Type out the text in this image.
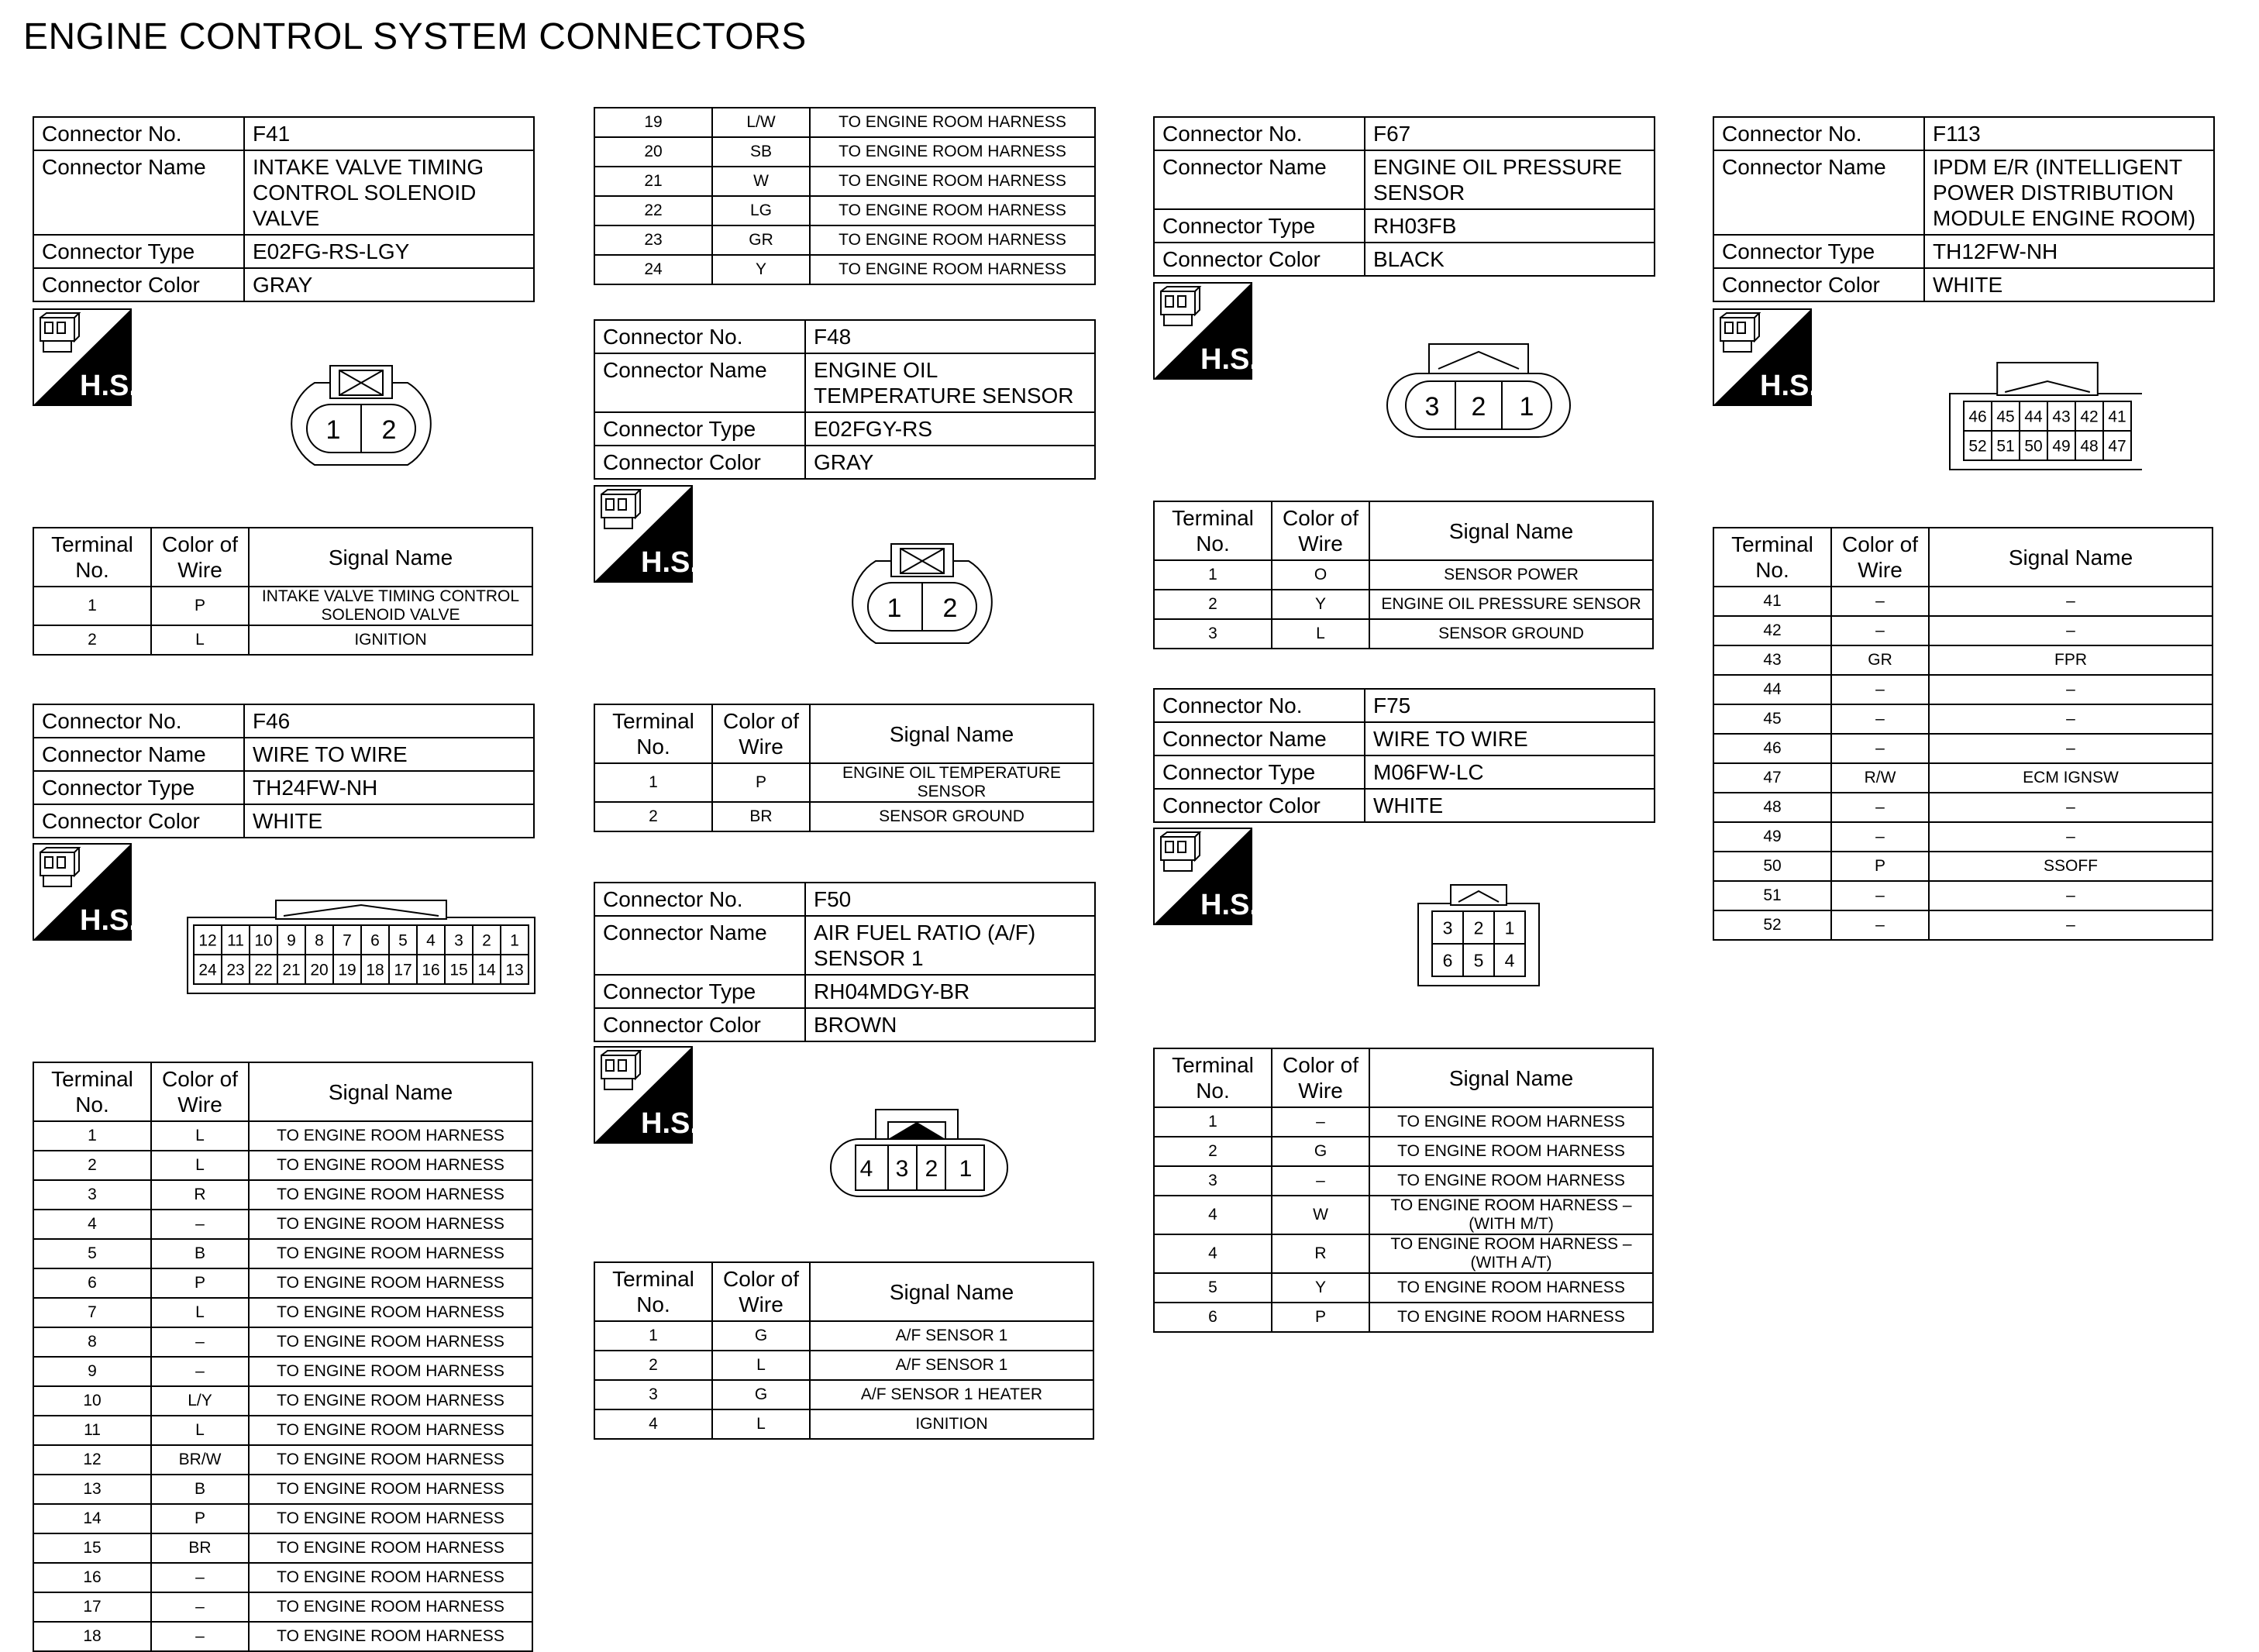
ENGINE CONTROL SYSTEM CONNECTORS
Connector No.	F41
Connector Name	INTAKE VALVE TIMING
CONTROL SOLENOID
VALVE
Connector Type	E02FG-RS-LGY
Connector Color	GRAY
H.S.
1 2
Terminal
No.	Color of
Wire	Signal Name
1	P	INTAKE VALVE TIMING CONTROL
SOLENOID VALVE
2	L	IGNITION
Connector No.	F46
Connector Name	WIRE TO WIRE
Connector Type	TH24FW-NH
Connector Color	WHITE
H.S.
12 11 10 9 8 7 6 5 4 3 2 1
24 23 22 21 20 19 18 17 16 15 14 13
Terminal
No.	Color of
Wire	Signal Name
1	L	TO ENGINE ROOM HARNESS
2	L	TO ENGINE ROOM HARNESS
3	R	TO ENGINE ROOM HARNESS
4	–	TO ENGINE ROOM HARNESS
5	B	TO ENGINE ROOM HARNESS
6	P	TO ENGINE ROOM HARNESS
7	L	TO ENGINE ROOM HARNESS
8	–	TO ENGINE ROOM HARNESS
9	–	TO ENGINE ROOM HARNESS
10	L/Y	TO ENGINE ROOM HARNESS
11	L	TO ENGINE ROOM HARNESS
12	BR/W	TO ENGINE ROOM HARNESS
13	B	TO ENGINE ROOM HARNESS
14	P	TO ENGINE ROOM HARNESS
15	BR	TO ENGINE ROOM HARNESS
16	–	TO ENGINE ROOM HARNESS
17	–	TO ENGINE ROOM HARNESS
18	–	TO ENGINE ROOM HARNESS
19	L/W	TO ENGINE ROOM HARNESS
20	SB	TO ENGINE ROOM HARNESS
21	W	TO ENGINE ROOM HARNESS
22	LG	TO ENGINE ROOM HARNESS
23	GR	TO ENGINE ROOM HARNESS
24	Y	TO ENGINE ROOM HARNESS
Connector No.	F48
Connector Name	ENGINE OIL
TEMPERATURE SENSOR
Connector Type	E02FGY-RS
Connector Color	GRAY
H.S.
1 2
Terminal
No.	Color of
Wire	Signal Name
1	P	ENGINE OIL TEMPERATURE
SENSOR
2	BR	SENSOR GROUND
Connector No.	F50
Connector Name	AIR FUEL RATIO (A/F)
SENSOR 1
Connector Type	RH04MDGY-BR
Connector Color	BROWN
H.S.
4 3 2 1
Terminal
No.	Color of
Wire	Signal Name
1	G	A/F SENSOR 1
2	L	A/F SENSOR 1
3	G	A/F SENSOR 1 HEATER
4	L	IGNITION
Connector No.	F67
Connector Name	ENGINE OIL PRESSURE
SENSOR
Connector Type	RH03FB
Connector Color	BLACK
H.S.
3 2 1
Terminal
No.	Color of
Wire	Signal Name
1	O	SENSOR POWER
2	Y	ENGINE OIL PRESSURE SENSOR
3	L	SENSOR GROUND
Connector No.	F75
Connector Name	WIRE TO WIRE
Connector Type	M06FW-LC
Connector Color	WHITE
H.S.
3 2 1
6 5 4
Terminal
No.	Color of
Wire	Signal Name
1	–	TO ENGINE ROOM HARNESS
2	G	TO ENGINE ROOM HARNESS
3	–	TO ENGINE ROOM HARNESS
4	W	TO ENGINE ROOM HARNESS –
(WITH M/T)
4	R	TO ENGINE ROOM HARNESS –
(WITH A/T)
5	Y	TO ENGINE ROOM HARNESS
6	P	TO ENGINE ROOM HARNESS
Connector No.	F113
Connector Name	IPDM E/R (INTELLIGENT
POWER DISTRIBUTION
MODULE ENGINE ROOM)
Connector Type	TH12FW-NH
Connector Color	WHITE
H.S.
46 45 44 43 42 41
52 51 50 49 48 47
Terminal
No.	Color of
Wire	Signal Name
41	–	–
42	–	–
43	GR	FPR
44	–	–
45	–	–
46	–	–
47	R/W	ECM IGNSW
48	–	–
49	–	–
50	P	SSOFF
51	–	–
52	–	–
